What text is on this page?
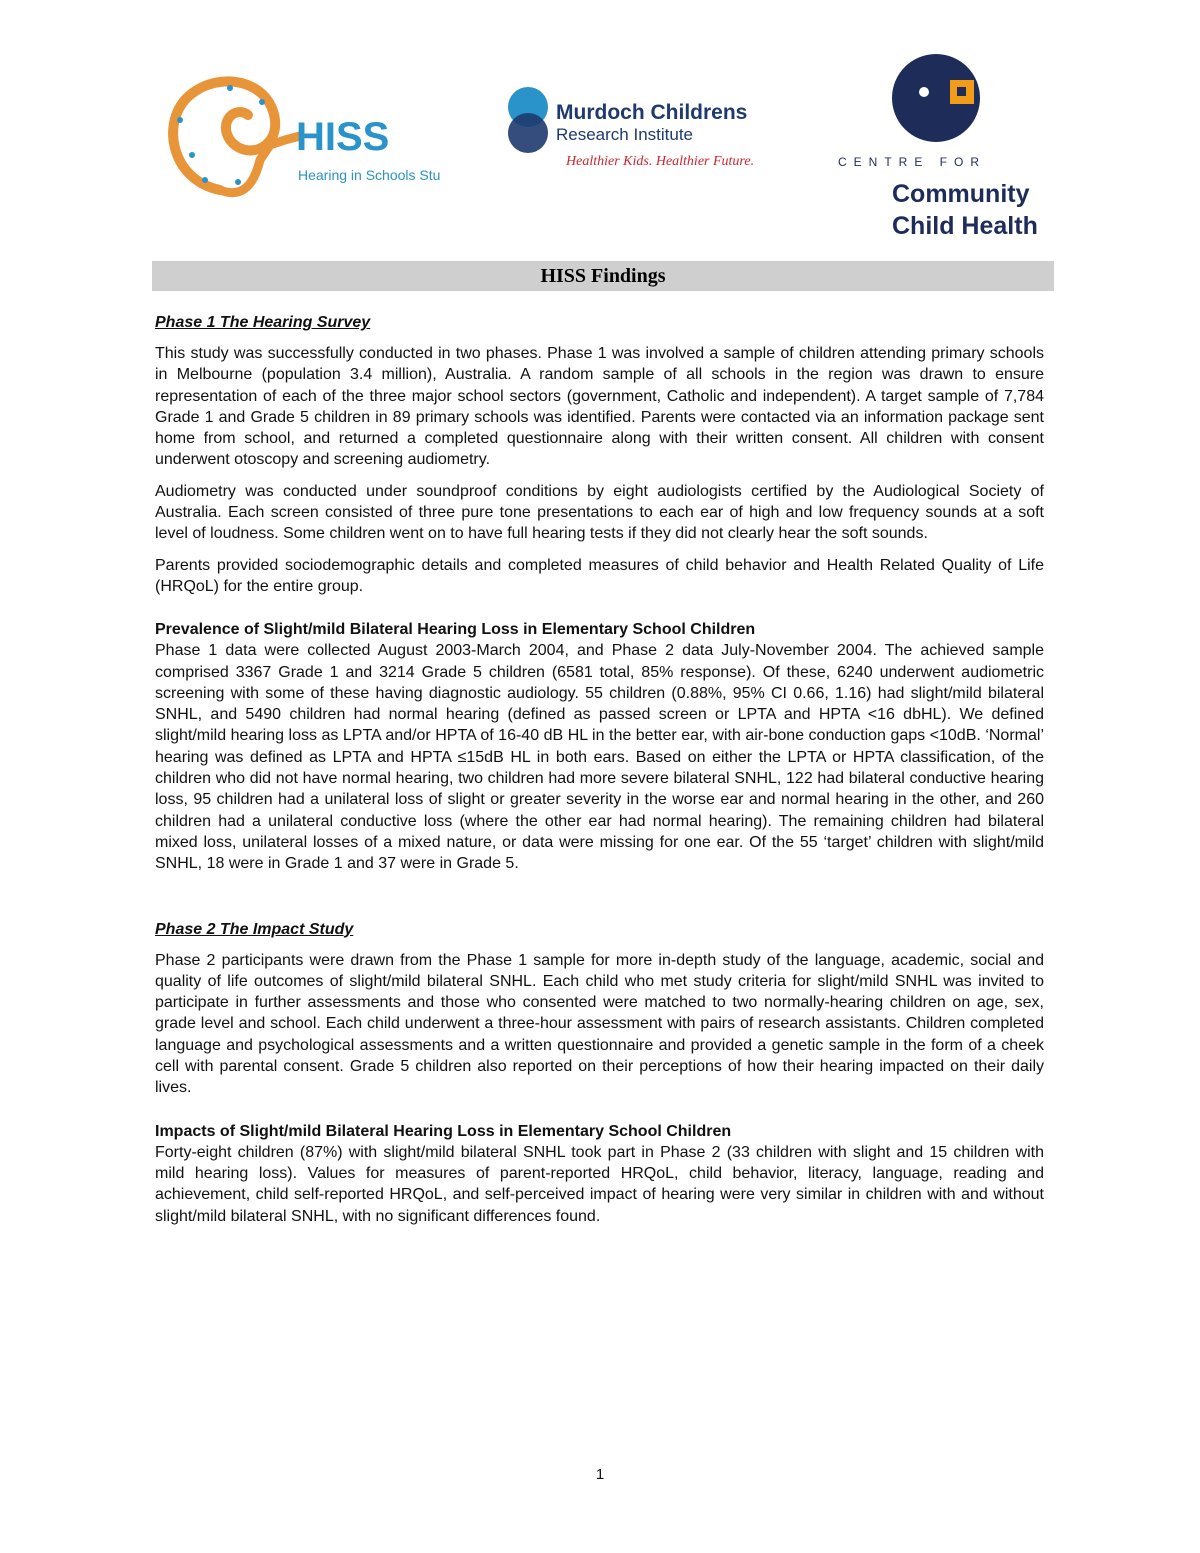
HISS
Hearing in Schools Study
Murdoch Childrens
Research Institute
Healthier Kids. Healthier Future.	CENTRE FOR
Community
Child Health
HISS Findings

Phase 1 The Hearing Survey

This study was successfully conducted in two phases. Phase 1 was involved a sample of children attending primary schools in Melbourne (population 3.4 million), Australia. A random sample of all schools in the region was drawn to ensure representation of each of the three major school sectors (government, Catholic and independent). A target sample of 7,784 Grade 1 and Grade 5 children in 89 primary schools was identified. Parents were contacted via an information package sent home from school, and returned a completed questionnaire along with their written consent. All children with consent underwent otoscopy and screening audiometry.

Audiometry was conducted under soundproof conditions by eight audiologists certified by the Audiological Society of Australia. Each screen consisted of three pure tone presentations to each ear of high and low frequency sounds at a soft level of loudness. Some children went on to have full hearing tests if they did not clearly hear the soft sounds.

Parents provided sociodemographic details and completed measures of child behavior and Health Related Quality of Life (HRQoL) for the entire group.

Prevalence of Slight/mild Bilateral Hearing Loss in Elementary School Children

Phase 1 data were collected August 2003-March 2004, and Phase 2 data July-November 2004. The achieved sample comprised 3367 Grade 1 and 3214 Grade 5 children (6581 total, 85% response). Of these, 6240 underwent audiometric screening with some of these having diagnostic audiology. 55 children (0.88%, 95% CI 0.66, 1.16) had slight/mild bilateral SNHL, and 5490 children had normal hearing (defined as passed screen or LPTA and HPTA <16 dbHL). We defined slight/mild hearing loss as LPTA and/or HPTA of 16-40 dB HL in the better ear, with air-bone conduction gaps <10dB. ‘Normal’ hearing was defined as LPTA and HPTA ≤15dB HL in both ears. Based on either the LPTA or HPTA classification, of the children who did not have normal hearing, two children had more severe bilateral SNHL, 122 had bilateral conductive hearing loss, 95 children had a unilateral loss of slight or greater severity in the worse ear and normal hearing in the other, and 260 children had a unilateral conductive loss (where the other ear had normal hearing). The remaining children had bilateral mixed loss, unilateral losses of a mixed nature, or data were missing for one ear. Of the 55 ‘target’ children with slight/mild SNHL, 18 were in Grade 1 and 37 were in Grade 5.

Phase 2 The Impact Study

Phase 2 participants were drawn from the Phase 1 sample for more in-depth study of the language, academic, social and quality of life outcomes of slight/mild bilateral SNHL. Each child who met study criteria for slight/mild SNHL was invited to participate in further assessments and those who consented were matched to two normally-hearing children on age, sex, grade level and school. Each child underwent a three-hour assessment with pairs of research assistants. Children completed language and psychological assessments and a written questionnaire and provided a genetic sample in the form of a cheek cell with parental consent. Grade 5 children also reported on their perceptions of how their hearing impacted on their daily lives.

Impacts of Slight/mild Bilateral Hearing Loss in Elementary School Children

Forty-eight children (87%) with slight/mild bilateral SNHL took part in Phase 2 (33 children with slight and 15 children with mild hearing loss). Values for measures of parent-reported HRQoL, child behavior, literacy, language, reading and achievement, child self-reported HRQoL, and self-perceived impact of hearing were very similar in children with and without slight/mild bilateral SNHL, with no significant differences found.

1
